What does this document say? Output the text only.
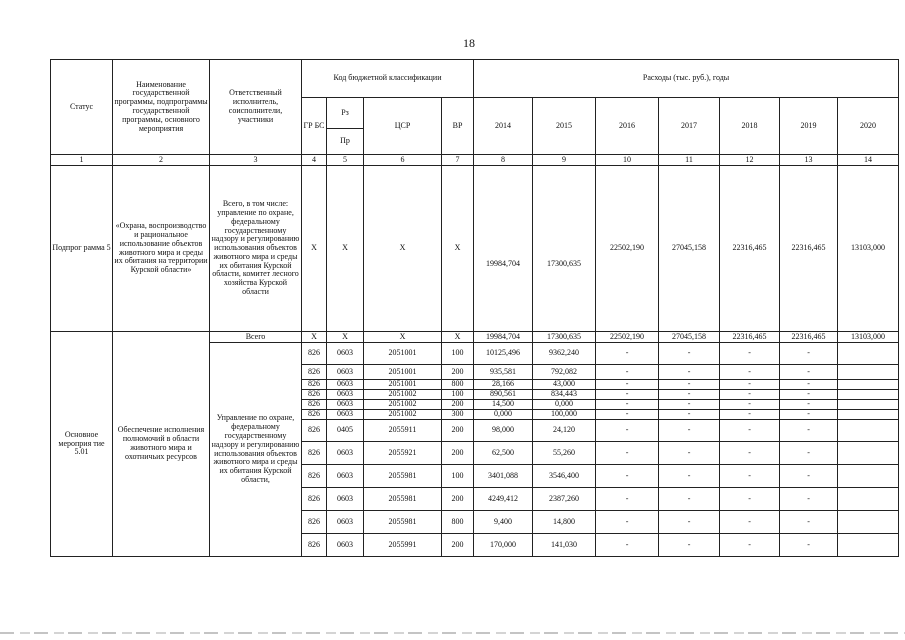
18
Статус	Наименование государственной программы, подпрограммы государственной программы, основного мероприятия	Ответственный исполнитель, соисполнители, участники	Код бюджетной классификации				Расходы (тыс. руб.), годы						
			ГР БС	Рз	ЦСР	ВР	2014	2015	2016	2017	2018	2019	2020
				Пр									
1	2	3	4	5	6	7	8	9	10	11	12	13	14
Подпрог рамма 5	«Охрана, воспроизводство и рациональное использование объектов животного мира и среды их обитания на территории Курской области»	Всего, в том числе: управление по охране, федеральному государственному надзору и регулированию использования объектов животного мира и среды их обитания Курской области, комитет лесного хозяйства Курской области	Х	Х	Х	Х	19984,704	17300,635	22502,190	27045,158	22316,465	22316,465	13103,000
Основное мероприя тие 5.01	Обеспечение исполнения полномочий в области животного мира и охотничьих ресурсов	Всего	Х	Х	Х	Х	19984,704	17300,635	22502,190	27045,158	22316,465	22316,465	13103,000
		Управление по охране, федеральному государственному надзору и регулированию использования объектов животного мира и среды их обитания Курской области,	826	0603	2051001	100	10125,496	9362,240	-	-	-	-	
			826	0603	2051001	200	935,581	792,082	-	-	-	-	
			826	0603	2051001	800	28,166	43,000	-	-	-	-	
			826	0603	2051002	100	890,561	834,443	-	-	-	-	
			826	0603	2051002	200	14,500	0,000	-	-	-	-	
			826	0603	2051002	300	0,000	100,000	-	-	-	-	
			826	0405	2055911	200	98,000	24,120	-	-	-	-	
			826	0603	2055921	200	62,500	55,260	-	-	-	-	
			826	0603	2055981	100	3401,088	3546,400	-	-	-	-	
			826	0603	2055981	200	4249,412	2387,260	-	-	-	-	
			826	0603	2055981	800	9,400	14,800	-	-	-	-	
			826	0603	2055991	200	170,000	141,030	-	-	-	-	
